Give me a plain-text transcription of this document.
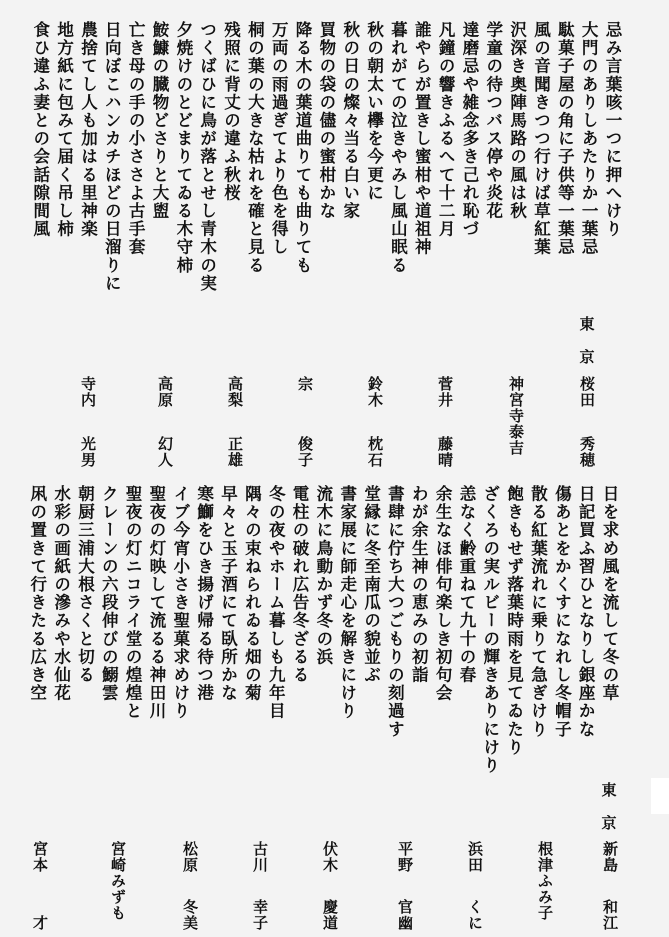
忌み言葉咳一つに押へけり
大門のありしあたりか一葉忌
駄菓子屋の角に子供等一葉忌
風の音聞きつつ行けば草紅葉
沢深き奥陣馬路の風は秋
学童の待つバス停や炎花
達磨忌や雑念多き己れ恥づ
凡鐘の響きふるへて十二月
誰やらが置きし蜜柑や道祖神
暮れがての泣きやみし風山眠る
秋の朝太い欅を今更に
秋の日の燦々当る白い家
買物の袋の儘の蜜柑かな
降る木の葉道曲りても曲りても
万両の雨過ぎてより色を得し
桐の葉の大きな枯れを確と見る
残照に背丈の違ふ秋桜
つくばひに鳥が落とせし青木の実
夕焼けのとどまりてゐる木守柿
鮟鱇の臓物どさりと大盥
亡き母の手の小ささよ古手套
日向ぼこハンカチほどの日溜りに
農捨てし人も加はる里神楽
地方紙に包みて届く吊し柿
食ひ違ふ妻との会話隙間風
東
京
桜田
秀穂
神宮寺泰吉
菅井
藤晴
鈴木
枕石
宗
俊子
高梨
正雄
高原
幻人
寺内
光男
日を求め風を流して冬の草
日記買ふ習ひとなりし銀座かな
傷あとをかくすになれし冬帽子
散る紅葉流れに乗りて急ぎけり
飽きもせず落葉時雨を見てゐたり
ざくろの実ルビーの輝きありにけり
恙なく齢重ねて九十の春
余生なほ俳句楽しき初句会
わが余生神の恵みの初詣
書肆に佇ち大つごもりの刻過す
堂縁に冬至南瓜の貌並ぶ
書家展に師走心を解きにけり
流木に鳥動かず冬の浜
電柱の破れ広告冬ざるる
冬の夜やホーム暮しも九年目
隅々の束ねられゐる畑の菊
早々と玉子酒にて臥所かな
寒鰤をひき揚げ帰る待つ港
イブ今宵小さき聖菓求めけり
聖夜の灯映して流るる神田川
聖夜の灯ニコライ堂の煌煌と
クレーンの六段伸びの鰯雲
朝厨三浦大根さくと切る
水彩の画紙の滲みや水仙花
凩の置きて行きたる広き空
東
京
新島
和江
根津ふみ子
浜田
くに
平野
官幽
伏木
慶道
古川
幸子
松原
冬美
宮崎みずも
宮本
才
